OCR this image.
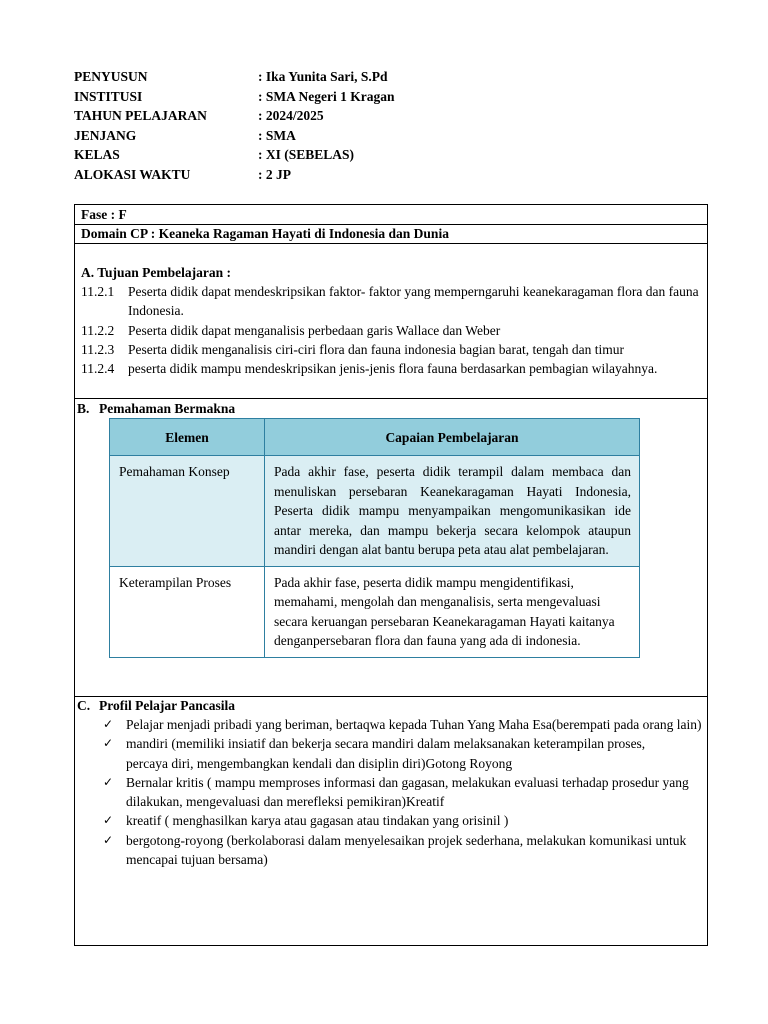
PENYUSUN	: Ika Yunita Sari, S.Pd
INSTITUSI	: SMA Negeri 1 Kragan
TAHUN PELAJARAN	: 2024/2025
JENJANG	: SMA
KELAS	: XI (SEBELAS)
ALOKASI WAKTU	: 2 JP
Fase : F
Domain CP : Keaneka Ragaman Hayati di Indonesia dan Dunia
A. Tujuan Pembelajaran :
11.2.1	Peserta didik dapat mendeskripsikan faktor- faktor yang memperngaruhi keanekaragaman flora dan fauna Indonesia.
11.2.2	Peserta didik dapat menganalisis perbedaan garis Wallace dan Weber
11.2.3	Peserta didik menganalisis ciri-ciri flora dan fauna indonesia bagian barat, tengah dan timur
11.2.4	peserta didik mampu mendeskripsikan jenis-jenis flora fauna berdasarkan pembagian wilayahnya.
B. Pemahaman Bermakna
Elemen	Capaian Pembelajaran
Pemahaman Konsep	Pada akhir fase, peserta didik terampil dalam membaca dan menuliskan persebaran Keanekaragaman Hayati Indonesia, Peserta didik mampu menyampaikan mengomunikasikan ide antar mereka, dan mampu bekerja secara kelompok ataupun mandiri dengan alat bantu berupa peta atau alat pembelajaran.
Keterampilan Proses	Pada akhir fase, peserta didik mampu mengidentifikasi, memahami, mengolah dan menganalisis, serta mengevaluasi secara keruangan persebaran Keanekaragaman Hayati kaitanya denganpersebaran flora dan fauna yang ada di indonesia.
C. Profil Pelajar Pancasila
✓ Pelajar menjadi pribadi yang beriman, bertaqwa kepada Tuhan Yang Maha Esa(berempati pada orang lain)
✓ mandiri (memiliki insiatif dan bekerja secara mandiri dalam melaksanakan keterampilan proses,
percaya diri, mengembangkan kendali dan disiplin diri)Gotong Royong
✓ Bernalar kritis ( mampu memproses informasi dan gagasan, melakukan evaluasi terhadap prosedur yang dilakukan, mengevaluasi dan merefleksi pemikiran)Kreatif
✓ kreatif ( menghasilkan karya atau gagasan atau tindakan yang orisinil )
✓ bergotong-royong (berkolaborasi dalam menyelesaikan projek sederhana, melakukan komunikasi untuk mencapai tujuan bersama)
